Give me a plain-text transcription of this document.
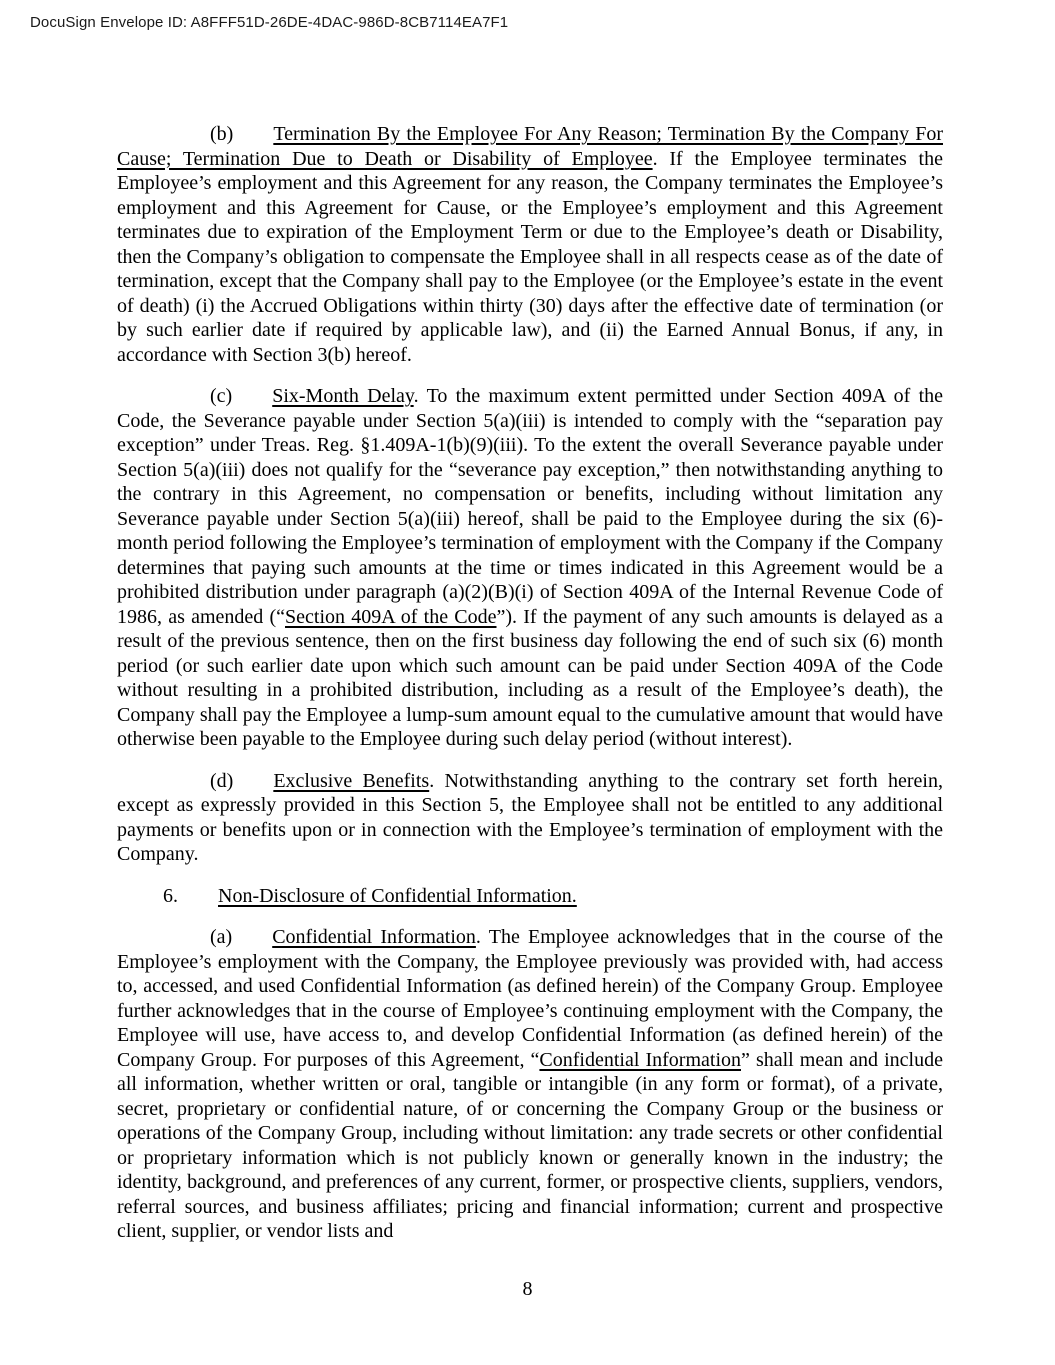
DocuSign Envelope ID: A8FFF51D-26DE-4DAC-986D-8CB7114EA7F1

(b) Termination By the Employee For Any Reason; Termination By the Company For Cause; Termination Due to Death or Disability of Employee. If the Employee terminates the Employee’s employment and this Agreement for any reason, the Company terminates the Employee’s employment and this Agreement for Cause, or the Employee’s employment and this Agreement terminates due to expiration of the Employment Term or due to the Employee’s death or Disability, then the Company’s obligation to compensate the Employee shall in all respects cease as of the date of termination, except that the Company shall pay to the Employee (or the Employee’s estate in the event of death) (i) the Accrued Obligations within thirty (30) days after the effective date of termination (or by such earlier date if required by applicable law), and (ii) the Earned Annual Bonus, if any, in accordance with Section 3(b) hereof.

(c) Six-Month Delay. To the maximum extent permitted under Section 409A of the Code, the Severance payable under Section 5(a)(iii) is intended to comply with the “separation pay exception” under Treas. Reg. §1.409A-1(b)(9)(iii). To the extent the overall Severance payable under Section 5(a)(iii) does not qualify for the “severance pay exception,” then notwithstanding anything to the contrary in this Agreement, no compensation or benefits, including without limitation any Severance payable under Section 5(a)(iii) hereof, shall be paid to the Employee during the six (6)-month period following the Employee’s termination of employment with the Company if the Company determines that paying such amounts at the time or times indicated in this Agreement would be a prohibited distribution under paragraph (a)(2)(B)(i) of Section 409A of the Internal Revenue Code of 1986, as amended (“Section 409A of the Code”). If the payment of any such amounts is delayed as a result of the previous sentence, then on the first business day following the end of such six (6) month period (or such earlier date upon which such amount can be paid under Section 409A of the Code without resulting in a prohibited distribution, including as a result of the Employee’s death), the Company shall pay the Employee a lump-sum amount equal to the cumulative amount that would have otherwise been payable to the Employee during such delay period (without interest).

(d) Exclusive Benefits. Notwithstanding anything to the contrary set forth herein, except as expressly provided in this Section 5, the Employee shall not be entitled to any additional payments or benefits upon or in connection with the Employee’s termination of employment with the Company.

6. Non-Disclosure of Confidential Information.

(a) Confidential Information. The Employee acknowledges that in the course of the Employee’s employment with the Company, the Employee previously was provided with, had access to, accessed, and used Confidential Information (as defined herein) of the Company Group. Employee further acknowledges that in the course of Employee’s continuing employment with the Company, the Employee will use, have access to, and develop Confidential Information (as defined herein) of the Company Group. For purposes of this Agreement, “Confidential Information” shall mean and include all information, whether written or oral, tangible or intangible (in any form or format), of a private, secret, proprietary or confidential nature, of or concerning the Company Group or the business or operations of the Company Group, including without limitation: any trade secrets or other confidential or proprietary information which is not publicly known or generally known in the industry; the identity, background, and preferences of any current, former, or prospective clients, suppliers, vendors, referral sources, and business affiliates; pricing and financial information; current and prospective client, supplier, or vendor lists and

8
